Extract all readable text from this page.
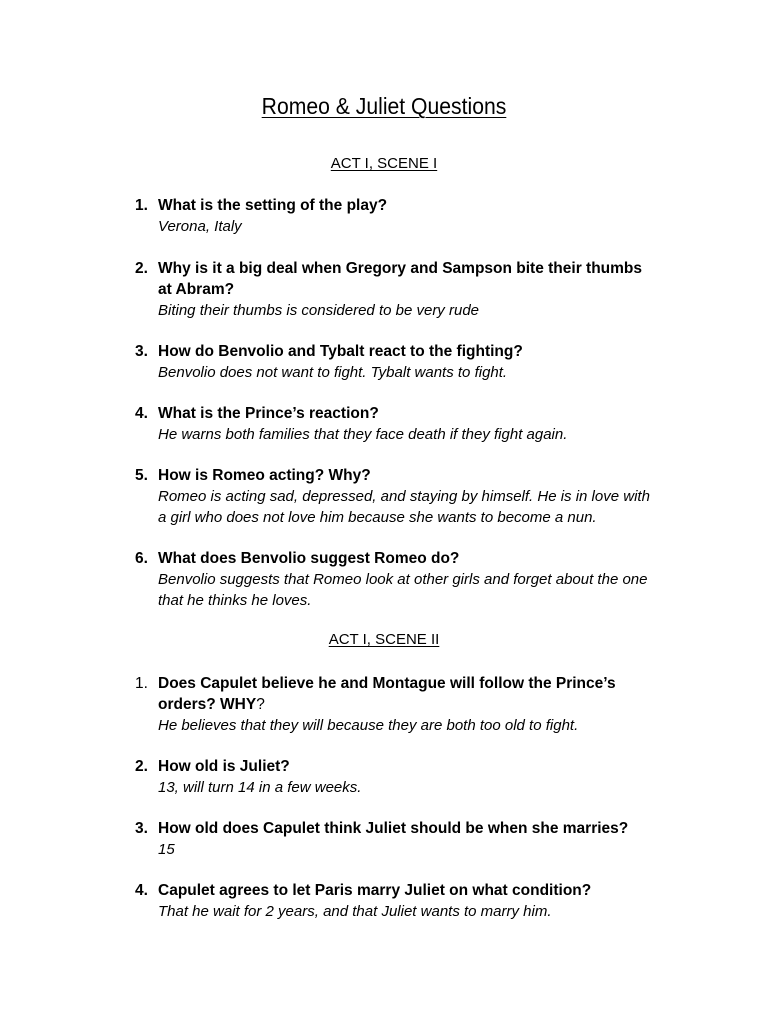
Romeo & Juliet Questions
ACT I, SCENE I
1. What is the setting of the play?
Verona, Italy
2. Why is it a big deal when Gregory and Sampson bite their thumbs at Abram?
Biting their thumbs is considered to be very rude
3. How do Benvolio and Tybalt react to the fighting?
Benvolio does not want to fight. Tybalt wants to fight.
4. What is the Prince’s reaction?
He warns both families that they face death if they fight again.
5. How is Romeo acting? Why?
Romeo is acting sad, depressed, and staying by himself. He is in love with a girl who does not love him because she wants to become a nun.
6. What does Benvolio suggest Romeo do?
Benvolio suggests that Romeo look at other girls and forget about the one that he thinks he loves.
ACT I, SCENE II
1. Does Capulet believe he and Montague will follow the Prince’s orders? WHY?
He believes that they will because they are both too old to fight.
2. How old is Juliet?
13, will turn 14 in a few weeks.
3. How old does Capulet think Juliet should be when she marries?
15
4. Capulet agrees to let Paris marry Juliet on what condition?
That he wait for 2 years, and that Juliet wants to marry him.
